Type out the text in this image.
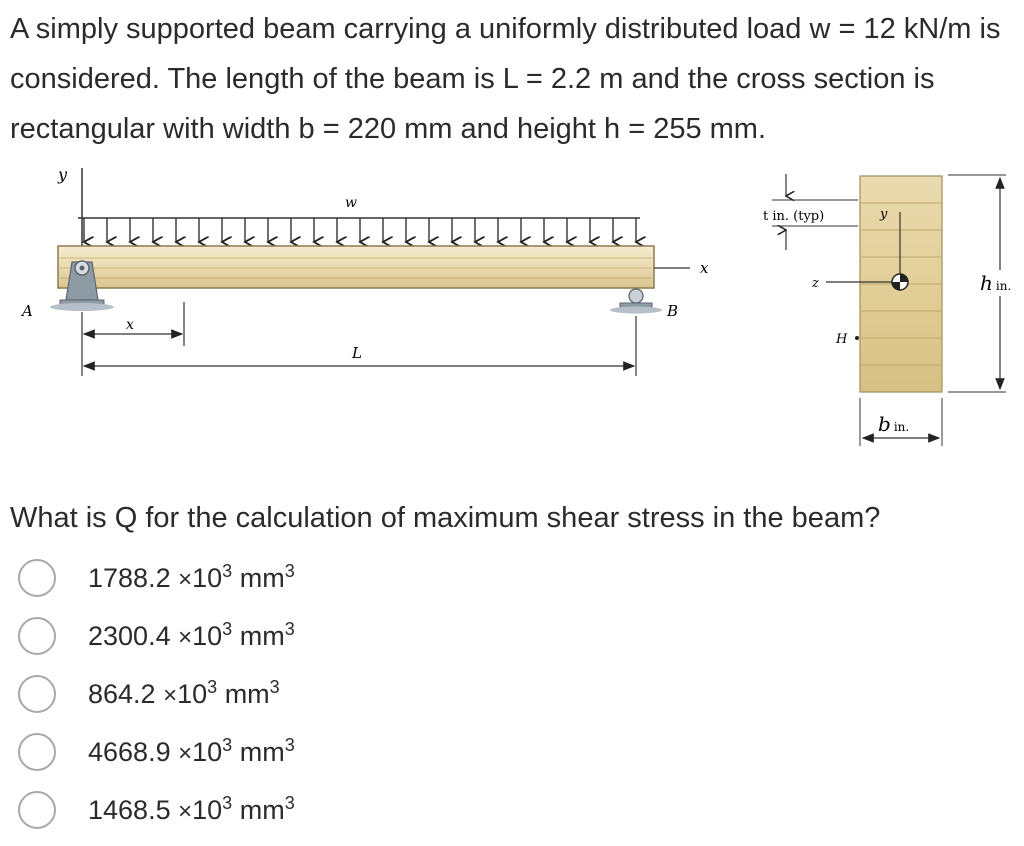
A simply supported beam carrying a uniformly distributed load w = 12 kN/m is considered. The length of the beam is L = 2.2 m and the cross section is rectangular with width b = 220 mm and height h = 255 mm.

y
w
x
A	B
x
L
y
z
H
t in. (typ)
hin.
bin.

What is Q for the calculation of maximum shear stress in the beam?

$1788.2 \times 10^3$ $mm^3$
$2300.4 \times 10^3$ $mm^3$
$864.2 \times 10^3$ $mm^3$
$4668.9 \times 10^3$ $mm^3$
$1468.5 \times 10^3$ $mm^3$
